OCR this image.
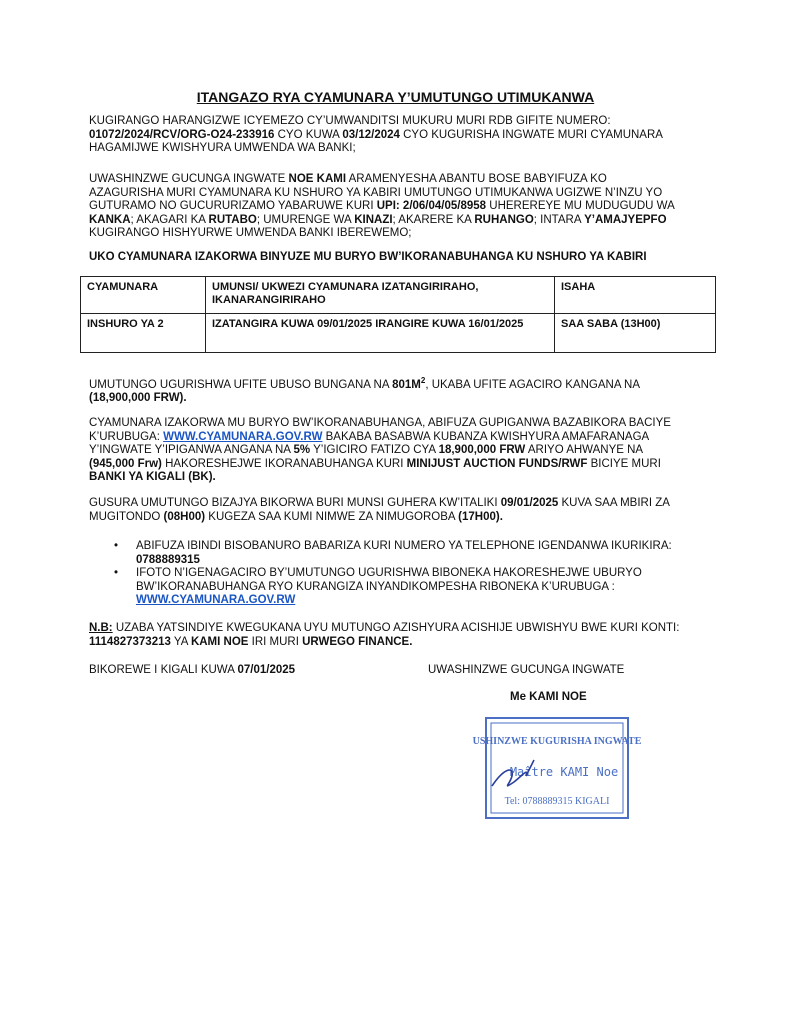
ITANGAZO RYA CYAMUNARA Y’UMUTUNGO UTIMUKANWA

KUGIRANGO HARANGIZWE ICYEMEZO CY’UMWANDITSI MUKURU MURI RDB GIFITE NUMERO:

01072/2024/RCV/ORG-O24-233916 CYO KUWA 03/12/2024 CYO KUGURISHA INGWATE MURI CYAMUNARA

HAGAMIJWE KWISHYURA UMWENDA WA BANKI;

UWASHINZWE GUCUNGA INGWATE NOE KAMI ARAMENYESHA ABANTU BOSE BABYIFUZA KO

AZAGURISHA MURI CYAMUNARA KU NSHURO YA KABIRI UMUTUNGO UTIMUKANWA UGIZWE N’INZU YO

GUTURAMO NO GUCURURIZAMO YABARUWE KURI UPI: 2/06/04/05/8958 UHEREREYE MU MUDUGUDU WA

KANKA; AKAGARI KA RUTABO; UMURENGE WA KINAZI; AKARERE KA RUHANGO; INTARA Y’AMAJYEPFO

KUGIRANGO HISHYURWE UMWENDA BANKI IBEREWEMO;

UKO CYAMUNARA IZAKORWA BINYUZE MU BURYO BW’IKORANABUHANGA KU NSHURO YA KABIRI

CYAMUNARA	UMUNSI/ UKWEZI CYAMUNARA IZATANGIRIRAHO, IKANARANGIRIRAHO	ISAHA
INSHURO YA 2	IZATANGIRA KUWA 09/01/2025 IRANGIRE KUWA 16/01/2025	SAA SABA (13H00)

UMUTUNGO UGURISHWA UFITE UBUSO BUNGANA NA $801M^2$, UKABA UFITE AGACIRO KANGANA NA

(18,900,000 FRW).

CYAMUNARA IZAKORWA MU BURYO BW’IKORANABUHANGA, ABIFUZA GUPIGANWA BAZABIKORA BACIYE

K’URUBUGA: WWW.CYAMUNARA.GOV.RW BAKABA BASABWA KUBANZA KWISHYURA AMAFARANAGA

Y’INGWATE Y’IPIGANWA ANGANA NA 5% Y’IGICIRO FATIZO CYA 18,900,000 FRW ARIYO AHWANYE NA

(945,000 Frw) HAKORESHEJWE IKORANABUHANGA KURI MINIJUST AUCTION FUNDS/RWF BICIYE MURI

BANKI YA KIGALI (BK).

GUSURA UMUTUNGO BIZAJYA BIKORWA BURI MUNSI GUHERA KW’ITALIKI 09/01/2025 KUVA SAA MBIRI ZA

MUGITONDO (08H00) KUGEZA SAA KUMI NIMWE ZA NIMUGOROBA (17H00).

• ABIFUZA IBINDI BISOBANURO BABARIZA KURI NUMERO YA TELEPHONE IGENDANWA IKURIKIRA:
0788889315
• IFOTO N’IGENAGACIRO BY’UMUTUNGO UGURISHWA BIBONEKA HAKORESHEJWE UBURYO
BW’IKORANABUHANGA RYO KURANGIZA INYANDIKOMPESHA RIBONEKA K’URUBUGA :
WWW.CYAMUNARA.GOV.RW

N.B: UZABA YATSINDIYE KWEGUKANA UYU MUTUNGO AZISHYURA ACISHIJE UBWISHYU BWE KURI KONTI:

1114827373213 YA KAMI NOE IRI MURI URWEGO FINANCE.

BIKOREWE I KIGALI KUWA 07/01/2025	UWASHINZWE GUCUNGA INGWATE

Me KAMI NOE

USHINZWE KUGURISHA INGWATE
Maître KAMI Noe
Tel: 0788889315 KIGALI
